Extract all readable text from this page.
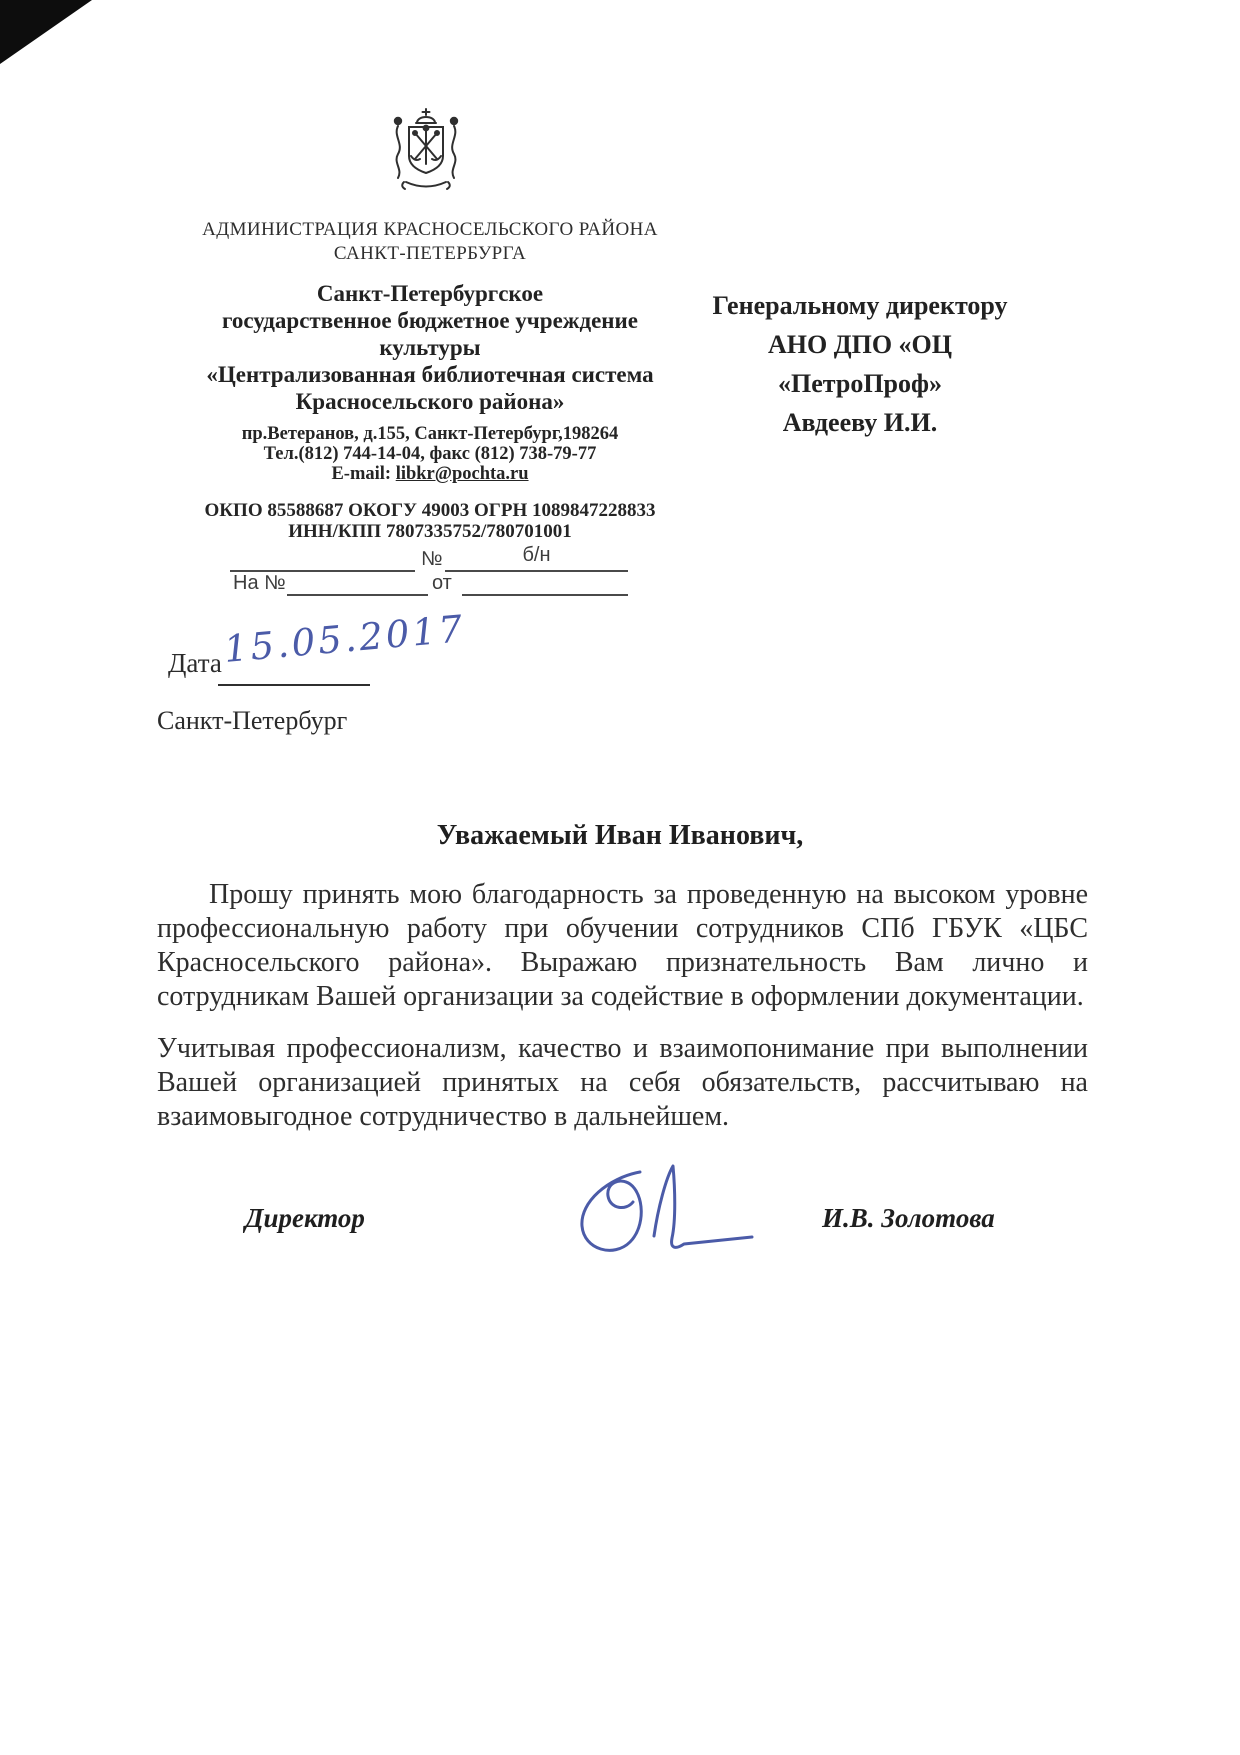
АДМИНИСТРАЦИЯ КРАСНОСЕЛЬСКОГО РАЙОНА
САНКТ-ПЕТЕРБУРГА
Санкт-Петербургское
государственное бюджетное учреждение
культуры
«Централизованная библиотечная система
Красносельского района»
Генеральному директору
АНО ДПО «ОЦ «ПетроПроф»
Авдееву И.И.
пр.Ветеранов, д.155, Санкт-Петербург,198264
Тел.(812) 744-14-04, факс (812) 738-79-77
E-mail: libkr@pochta.ru
ОКПО 85588687 ОКОГУ 49003 ОГРН 1089847228833
ИНН/КПП 7807335752/780701001
№	б/н
На №	от
Дата 15.05.2017
Санкт-Петербург
Уважаемый Иван Иванович,
Прошу принять мою благодарность за проведенную на высоком уровне профессиональную работу при обучении сотрудников СПб ГБУК «ЦБС Красносельского района». Выражаю признательность Вам лично и сотрудникам Вашей организации за содействие в оформлении документации.
Учитывая профессионализм, качество и взаимопонимание при выполнении Вашей организацией принятых на себя обязательств, рассчитываю на взаимовыгодное сотрудничество в дальнейшем.
Директор	И.В. Золотова
